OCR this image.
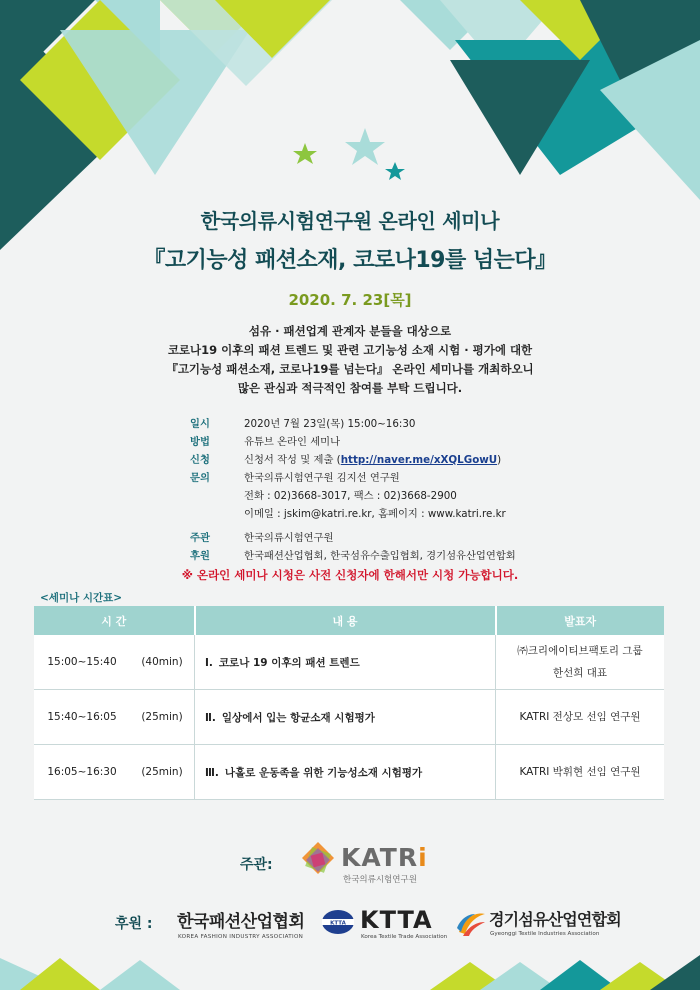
한국의류시험연구원 온라인 세미나
『고기능성 패션소재, 코로나19를 넘는다』
2020. 7. 23[목]
섬유 · 패션업계 관계자 분들을 대상으로
코로나19 이후의 패션 트렌드 및 관련 고기능성 소재 시험 · 평가에 대한
『고기능성 패션소재, 코로나19를 넘는다』 온라인 세미나를 개최하오니
많은 관심과 적극적인 참여를 부탁 드립니다.
일시	2020년 7월 23일(목) 15:00~16:30
방법	유튜브 온라인 세미나
신청	신청서 작성 및 제출 (http://naver.me/xXQLGowU)
문의	한국의류시험연구원 김지선 연구원
전화 : 02)3668-3017, 팩스 : 02)3668-2900
이메일 : jskim@katri.re.kr, 홈페이지 : www.katri.re.kr
주관	한국의류시험연구원
후원	한국패션산업협회, 한국섬유수출입협회, 경기섬유산업연합회
※ 온라인 세미나 시청은 사전 신청자에 한해서만 시청 가능합니다.
<세미나 시간표>
시 간		내 용	발표자
15:00~15:40	(40min)	Ⅰ. 코로나 19 이후의 패션 트렌드	㈜크리에이티브팩토리 그룹
한선희 대표

15:40~16:05	(25min)	Ⅱ. 일상에서 입는 항균소재 시험평가	KATRI 전상모 선임 연구원

16:05~16:30	(25min)	Ⅲ. 나홀로 운동족을 위한 기능성소재 시험평가	KATRI 박휘현 선임 연구원
주관:	KATRi
한국의류시험연구원
후원 : 한국패션산업협회
KOREA FASHION INDUSTRY ASSOCIATION
KTTA KTTA
Korea Textile Trade Association
경기섬유산업연합회
Gyeonggi Textile Industries Association
